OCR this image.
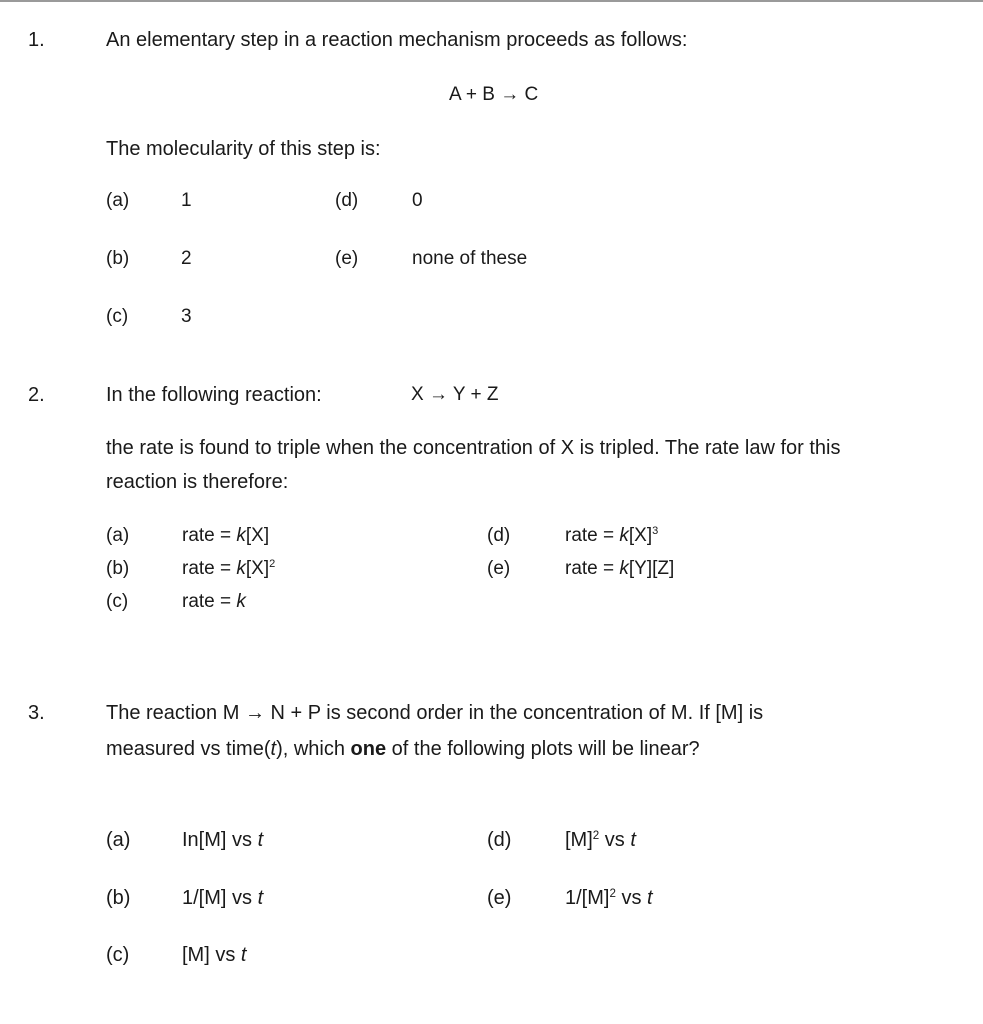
1.	An elementary step in a reaction mechanism proceeds as follows:
A + B → C
The molecularity of this step is:
(a)	1	(d)	0
(b)	2	(e)	none of these
(c)	3
2.	In the following reaction:	X → Y + Z
the rate is found to triple when the concentration of X is tripled. The rate law for this
reaction is therefore:
(a)	rate = k[X]	(d)	rate = $k[X]^3$
(b)	rate = $k[X]^2$	(e)	rate = k[Y][Z]
(c)	rate = k
3.	The reaction M → N + P is second order in the concentration of M. If [M] is
measured vs time(t), which one of the following plots will be linear?
(a)	In[M] vs t	(d)	$[M]^2$ vs t
(b)	1/[M] vs t	(e)	$1/[M]^2$ vs t
(c)	[M] vs t
